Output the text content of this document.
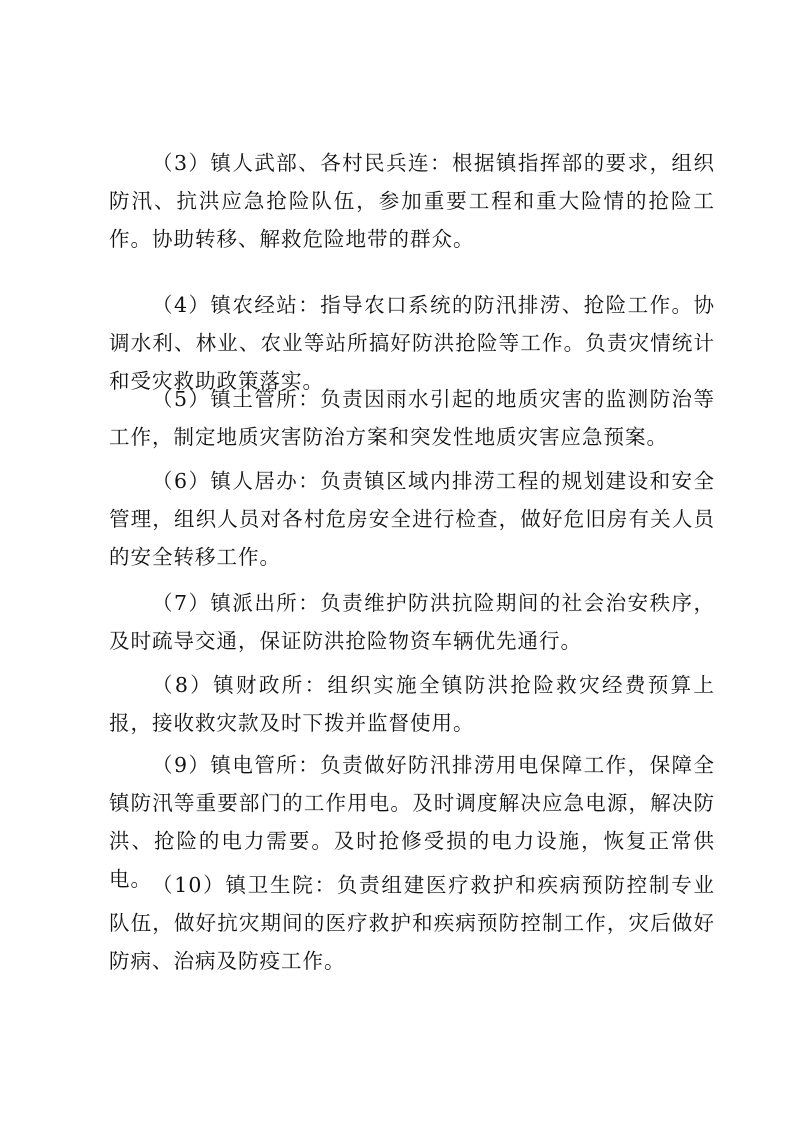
（3）镇人武部、各村民兵连：根据镇指挥部的要求，组织防汛、抗洪应急抢险队伍，参加重要工程和重大险情的抢险工作。协助转移、解救危险地带的群众。

（4）镇农经站：指导农口系统的防汛排涝、抢险工作。协调水利、林业、农业等站所搞好防洪抢险等工作。负责灾情统计和受灾救助政策落实。

（5）镇土管所：负责因雨水引起的地质灾害的监测防治等工作，制定地质灾害防治方案和突发性地质灾害应急预案。

（6）镇人居办：负责镇区域内排涝工程的规划建设和安全管理，组织人员对各村危房安全进行检查，做好危旧房有关人员的安全转移工作。

（7）镇派出所：负责维护防洪抗险期间的社会治安秩序，及时疏导交通，保证防洪抢险物资车辆优先通行。

（8）镇财政所：组织实施全镇防洪抢险救灾经费预算上报，接收救灾款及时下拨并监督使用。

（9）镇电管所：负责做好防汛排涝用电保障工作，保障全镇防汛等重要部门的工作用电。及时调度解决应急电源，解决防洪、抢险的电力需要。及时抢修受损的电力设施，恢复正常供电。 （10）镇卫生院：负责组建医疗救护和疾病预防控制专业队伍，做好抗灾期间的医疗救护和疾病预防控制工作，灾后做好防病、治病及防疫工作。
